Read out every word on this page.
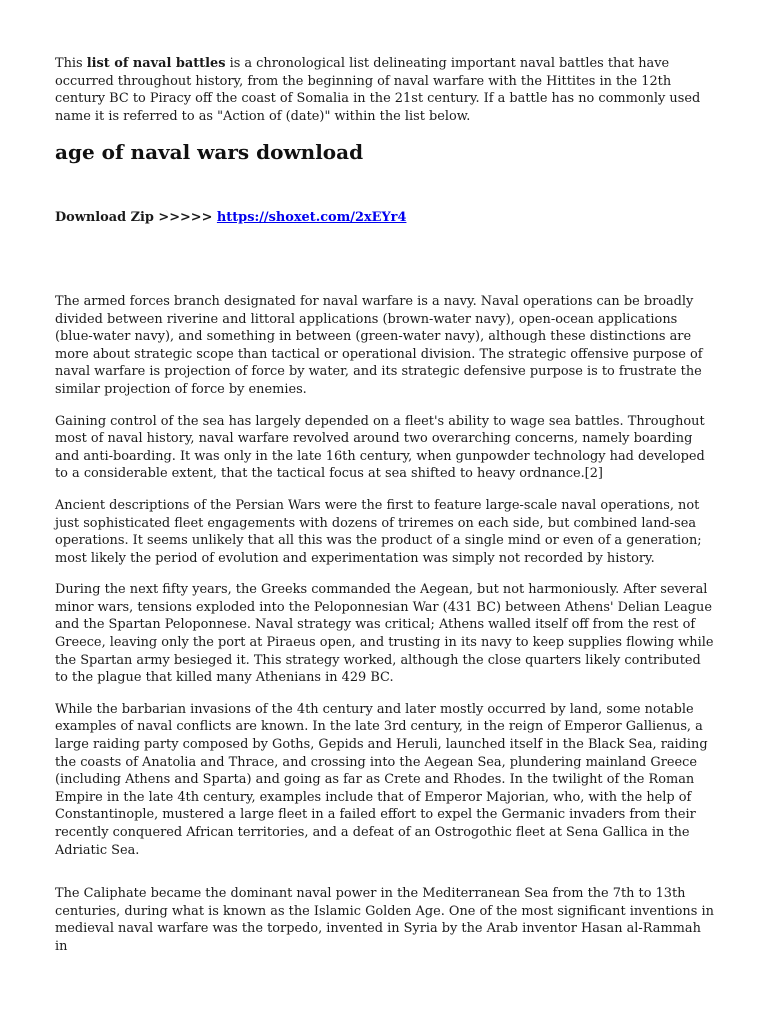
This list of naval battles is a chronological list delineating important naval battles that have occurred throughout history, from the beginning of naval warfare with the Hittites in the 12th century BC to Piracy off the coast of Somalia in the 21st century. If a battle has no commonly used name it is referred to as "Action of (date)" within the list below.

age of naval wars download

Download Zip >>>>> https://shoxet.com/2xEYr4

The armed forces branch designated for naval warfare is a navy. Naval operations can be broadly divided between riverine and littoral applications (brown-water navy), open-ocean applications (blue-water navy), and something in between (green-water navy), although these distinctions are more about strategic scope than tactical or operational division. The strategic offensive purpose of naval warfare is projection of force by water, and its strategic defensive purpose is to frustrate the similar projection of force by enemies.

Gaining control of the sea has largely depended on a fleet's ability to wage sea battles. Throughout most of naval history, naval warfare revolved around two overarching concerns, namely boarding and anti-boarding. It was only in the late 16th century, when gunpowder technology had developed to a considerable extent, that the tactical focus at sea shifted to heavy ordnance.[2]

Ancient descriptions of the Persian Wars were the first to feature large-scale naval operations, not just sophisticated fleet engagements with dozens of triremes on each side, but combined land-sea operations. It seems unlikely that all this was the product of a single mind or even of a generation; most likely the period of evolution and experimentation was simply not recorded by history.

During the next fifty years, the Greeks commanded the Aegean, but not harmoniously. After several minor wars, tensions exploded into the Peloponnesian War (431 BC) between Athens' Delian League and the Spartan Peloponnese. Naval strategy was critical; Athens walled itself off from the rest of Greece, leaving only the port at Piraeus open, and trusting in its navy to keep supplies flowing while the Spartan army besieged it. This strategy worked, although the close quarters likely contributed to the plague that killed many Athenians in 429 BC.

While the barbarian invasions of the 4th century and later mostly occurred by land, some notable examples of naval conflicts are known. In the late 3rd century, in the reign of Emperor Gallienus, a large raiding party composed by Goths, Gepids and Heruli, launched itself in the Black Sea, raiding the coasts of Anatolia and Thrace, and crossing into the Aegean Sea, plundering mainland Greece (including Athens and Sparta) and going as far as Crete and Rhodes. In the twilight of the Roman Empire in the late 4th century, examples include that of Emperor Majorian, who, with the help of Constantinople, mustered a large fleet in a failed effort to expel the Germanic invaders from their recently conquered African territories, and a defeat of an Ostrogothic fleet at Sena Gallica in the Adriatic Sea.

The Caliphate became the dominant naval power in the Mediterranean Sea from the 7th to 13th centuries, during what is known as the Islamic Golden Age. One of the most significant inventions in medieval naval warfare was the torpedo, invented in Syria by the Arab inventor Hasan al-Rammah in
